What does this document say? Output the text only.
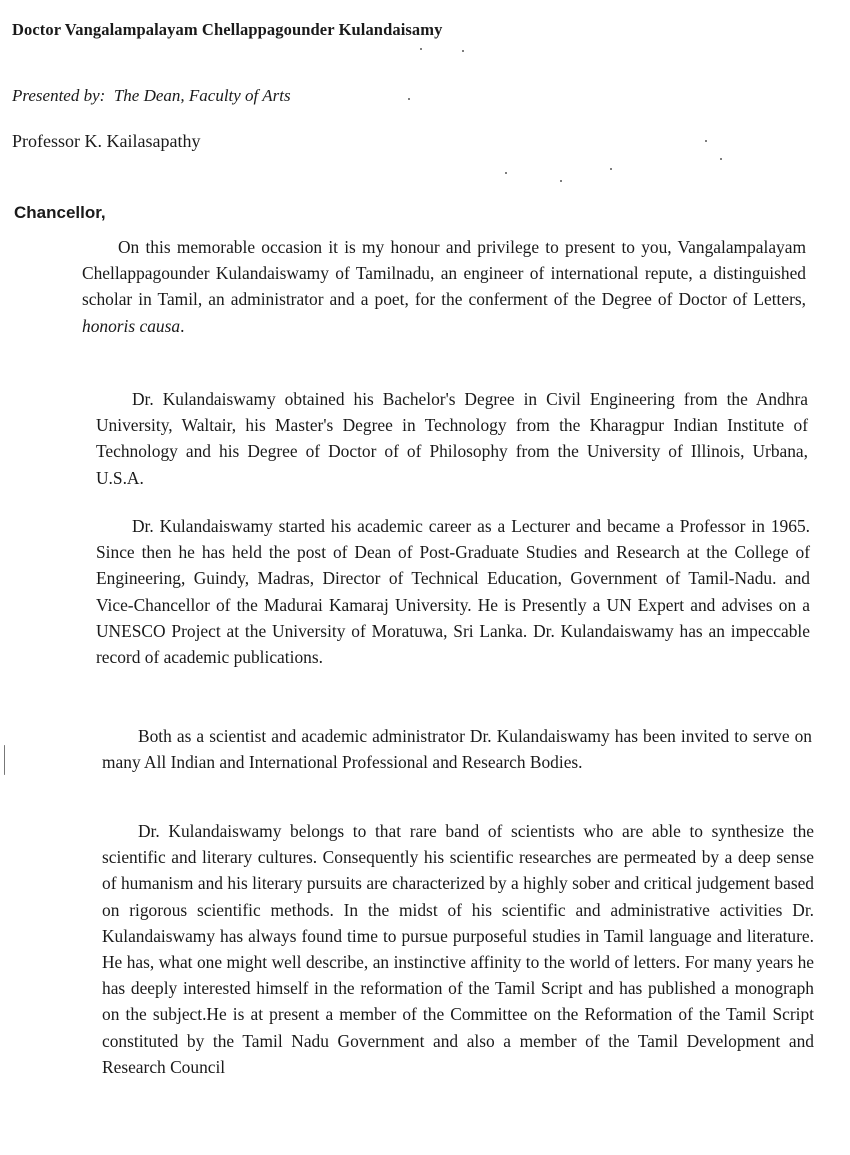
Doctor Vangalampalayam Chellappagounder Kulandaisamy
Presented by: The Dean, Faculty of Arts
Professor K. Kailasapathy
Chancellor,

On this memorable occasion it is my honour and privilege to present to you, Vangalampalayam Chellappagounder Kulandaiswamy of Tamilnadu, an engineer of international repute, a distinguished scholar in Tamil, an administrator and a poet, for the conferment of the Degree of Doctor of Letters, honoris causa.

Dr. Kulandaiswamy obtained his Bachelor's Degree in Civil Engineering from the Andhra University, Waltair, his Master's Degree in Technology from the Kharagpur Indian Institute of Technology and his Degree of Doctor of of Philosophy from the University of Illinois, Urbana, U.S.A.

Dr. Kulandaiswamy started his academic career as a Lecturer and became a Professor in 1965. Since then he has held the post of Dean of Post-Graduate Studies and Research at the College of Engineering, Guindy, Madras, Director of Technical Education, Government of Tamil-Nadu. and Vice-Chancellor of the Madurai Kamaraj University. He is Presently a UN Expert and advises on a UNESCO Project at the University of Moratuwa, Sri Lanka. Dr. Kulandaiswamy has an impeccable record of academic publications.

Both as a scientist and academic administrator Dr. Kulandaiswamy has been invited to serve on many All Indian and International Professional and Research Bodies.

Dr. Kulandaiswamy belongs to that rare band of scientists who are able to synthesize the scientific and literary cultures. Consequently his scientific researches are permeated by a deep sense of humanism and his literary pursuits are characterized by a highly sober and critical judgement based on rigorous scientific methods. In the midst of his scientific and administrative activities Dr. Kulandaiswamy has always found time to pursue purposeful studies in Tamil language and literature. He has, what one might well describe, an instinctive affinity to the world of letters. For many years he has deeply interested himself in the reformation of the Tamil Script and has published a monograph on the subject.He is at present a member of the Committee on the Reformation of the Tamil Script constituted by the Tamil Nadu Government and also a member of the Tamil Development and Research Council
